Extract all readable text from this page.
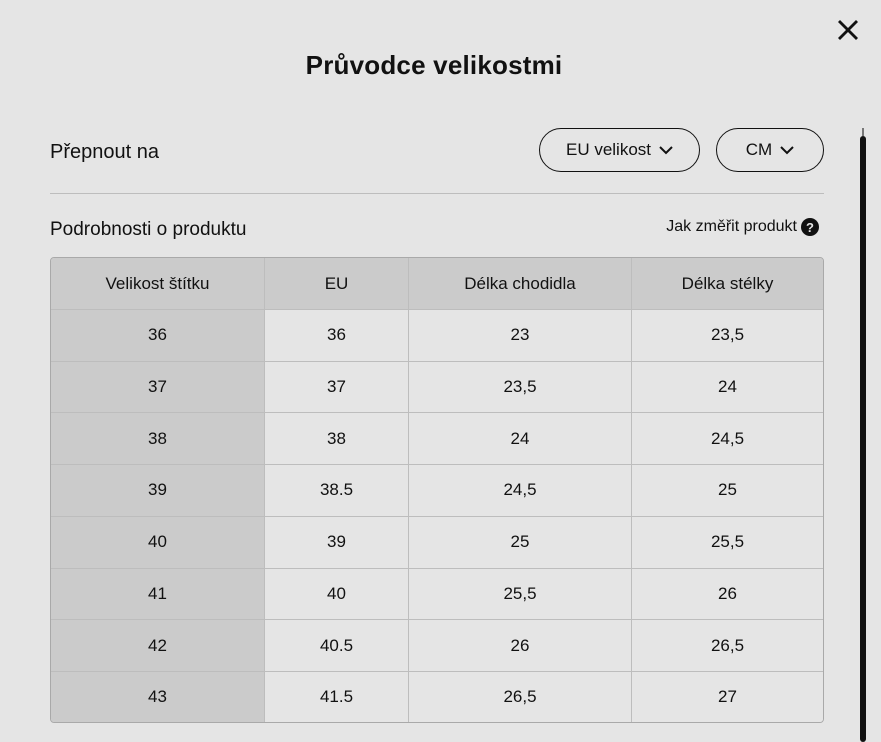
Průvodce velikostmi
Přepnout na	EU velikost	CM
Podrobnosti o produktu	Jak změřit produkt ?
Velikost štítku	EU	Délka chodidla	Délka stélky
36	36	23	23,5
37	37	23,5	24
38	38	24	24,5
39	38.5	24,5	25
40	39	25	25,5
41	40	25,5	26
42	40.5	26	26,5
43	41.5	26,5	27
